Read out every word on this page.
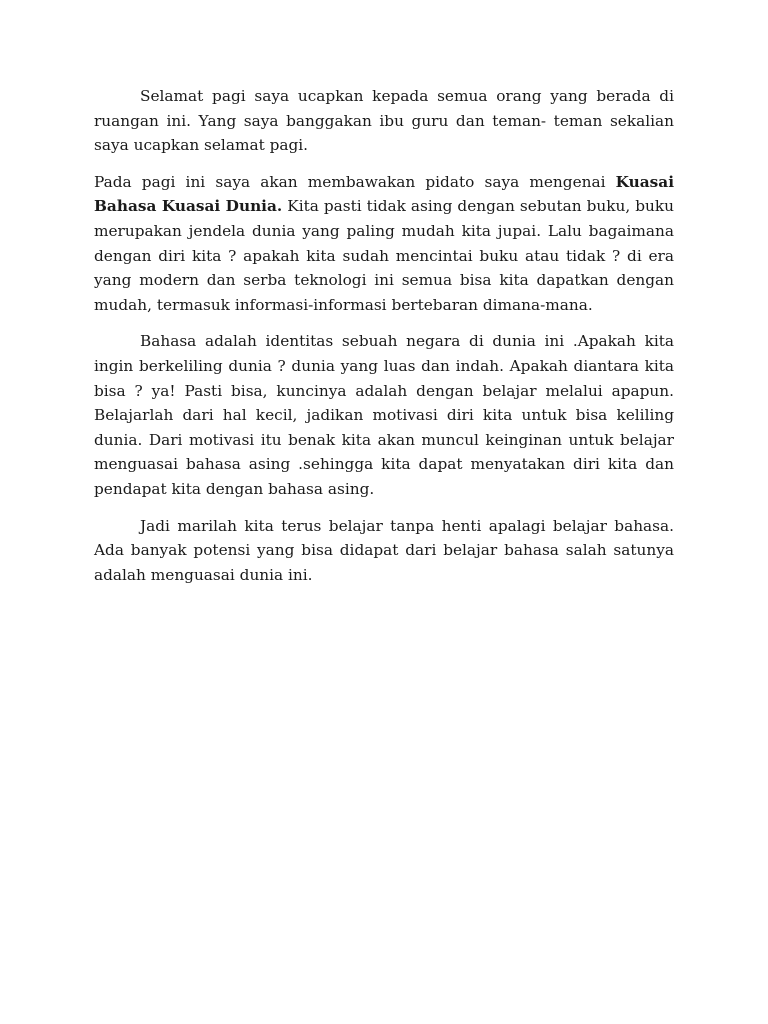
Selamat pagi saya ucapkan kepada semua orang yang berada di ruangan ini. Yang saya banggakan ibu guru dan teman- teman sekalian saya ucapkan selamat pagi.

Pada pagi ini saya akan membawakan pidato saya mengenai Kuasai Bahasa Kuasai Dunia. Kita pasti tidak asing dengan sebutan buku, buku merupakan jendela dunia yang paling mudah kita jupai. Lalu bagaimana dengan diri kita ? apakah kita sudah mencintai buku atau tidak ? di era yang modern dan serba teknologi ini semua bisa kita dapatkan dengan mudah, termasuk informasi-informasi bertebaran dimana-mana.

Bahasa adalah identitas sebuah negara di dunia ini .Apakah kita ingin berkeliling dunia ? dunia yang luas dan indah. Apakah diantara kita bisa ? ya! Pasti bisa, kuncinya adalah dengan belajar melalui apapun. Belajarlah dari hal kecil, jadikan motivasi diri kita untuk bisa keliling dunia. Dari motivasi itu benak kita akan muncul keinginan untuk belajar menguasai bahasa asing .sehingga kita dapat menyatakan diri kita dan pendapat kita dengan bahasa asing.

Jadi marilah kita terus belajar tanpa henti apalagi belajar bahasa. Ada banyak potensi yang bisa didapat dari belajar bahasa salah satunya adalah menguasai dunia ini.
